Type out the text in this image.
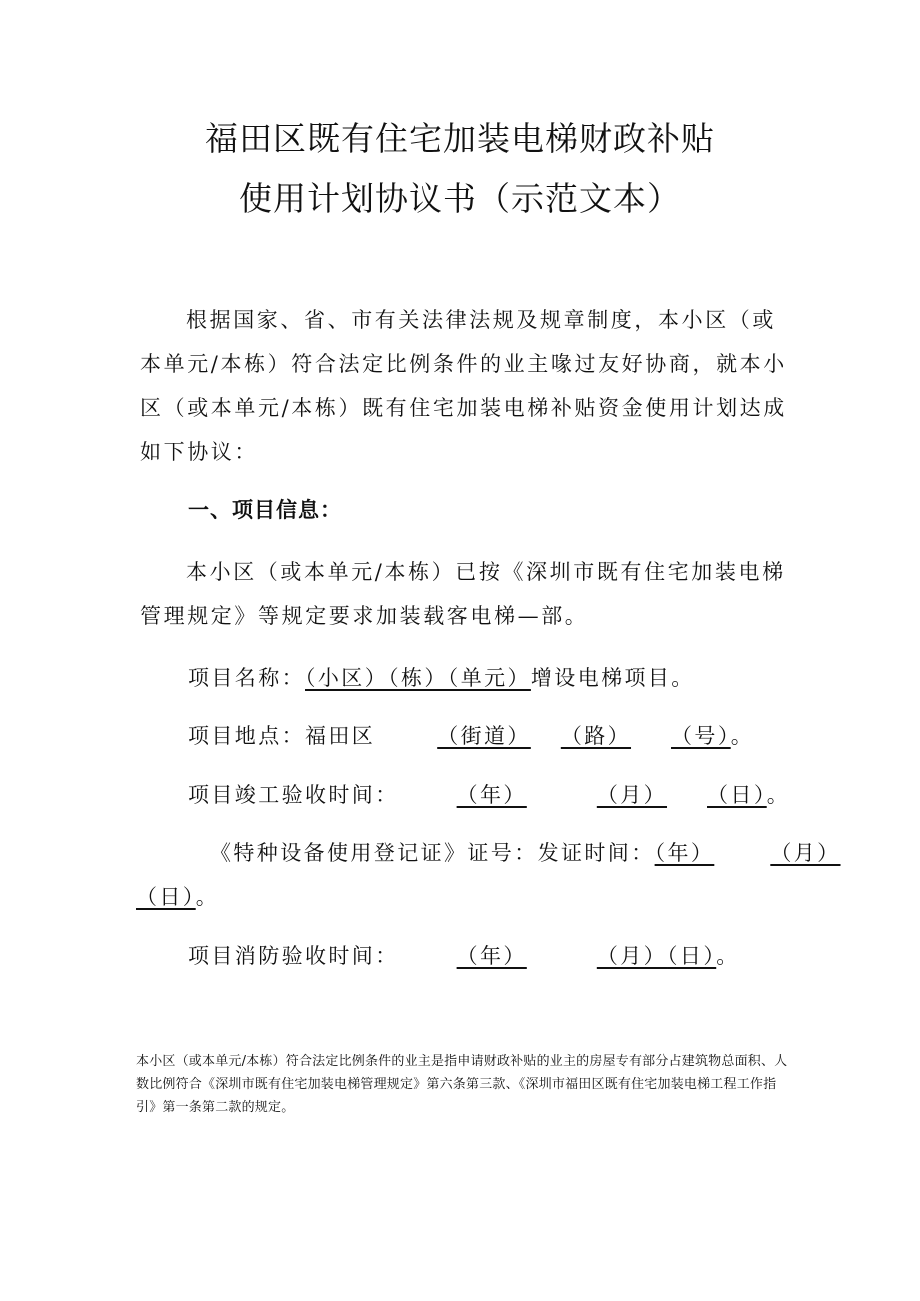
福田区既有住宅加装电梯财政补贴
使用计划协议书（示范文本）

根据国家、省、市有关法律法规及规章制度，本小区（或本单元/本栋）符合法定比例条件的业主喙过友好协商，就本小区（或本单元/本栋）既有住宅加装电梯补贴资金使用计划达成如下协议：

一、项目信息：

本小区（或本单元/本栋）已按《深圳市既有住宅加装电梯管理规定》等规定要求加装载客电梯—部。

项目名称：（小区）（栋）（单元）增设电梯项目。
项目地点：福田区	（街道） （路） （号）。
项目竣工验收时间：	（年）	（月） （日）。
《特种设备使用登记证》证号：发证时间：（年）	（月）
（日）。
项目消防验收时间：	（年）	（月）（日）。

本小区（或本单元/本栋）符合法定比例条件的业主是指申请财政补贴的业主的房屋专有部分占建筑物总面积、人数比例符合《深圳市既有住宅加装电梯管理规定》第六条第三款、《深圳市福田区既有住宅加装电梯工程工作指引》第一条第二款的规定。
